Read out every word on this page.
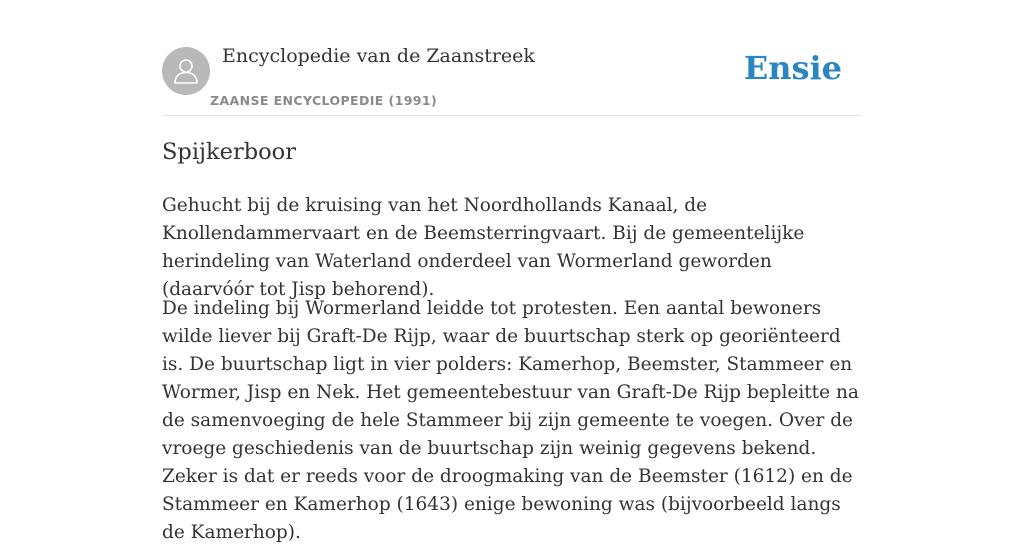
Encyclopedie van de Zaanstreek
ZAANSE ENCYCLOPEDIE (1991)
Ensie
Spijkerboor

Gehucht bij de kruising van het Noordhollands Kanaal, de Knollendammervaart en de Beemsterringvaart. Bij de gemeentelijke herindeling van Waterland onderdeel van Wormerland geworden (daarvóór tot Jisp behorend).

De indeling bij Wormerland leidde tot protesten. Een aantal bewoners wilde liever bij Graft-De Rijp, waar de buurtschap sterk op georiënteerd is. De buurtschap ligt in vier polders: Kamerhop, Beemster, Stammeer en Wormer, Jisp en Nek. Het gemeentebestuur van Graft-De Rijp bepleitte na de samenvoeging de hele Stammeer bij zijn gemeente te voegen. Over de vroege geschiedenis van de buurtschap zijn weinig gegevens bekend. Zeker is dat er reeds voor de droogmaking van de Beemster (1612) en de Stammeer en Kamerhop (1643) enige bewoning was (bijvoorbeeld langs de Kamerhop).
